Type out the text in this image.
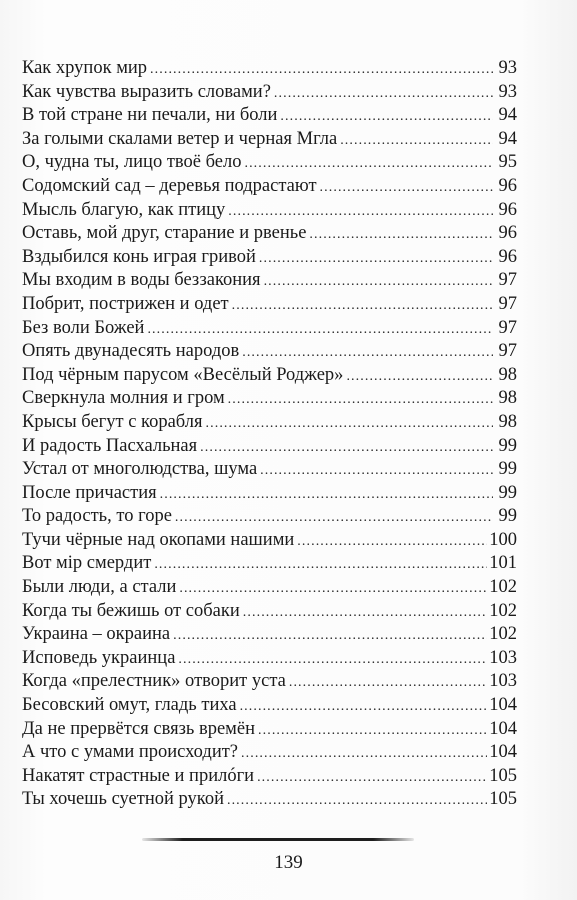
Как хрупок мир . . .	93
Как чувства выразить словами? . . .	93
В той стране ни печали, ни боли . . .	94
За голыми скалами ветер и черная Мгла . . .	94
О, чудна ты, лицо твоё бело . . .	95
Содомский сад – деревья подрастают . . .	96
Мысль благую, как птицу . . .	96
Оставь, мой друг, старание и рвенье . . .	96
Вздыбился конь играя гривой . . .	96
Мы входим в воды беззакония . . .	97
Побрит, пострижен и одет . . .	97
Без воли Божей . . .	97
Опять двунадесять народов . . .	97
Под чёрным парусом «Весёлый Роджер» . . .	98
Сверкнула молния и гром . . .	98
Крысы бегут с корабля . . .	98
И радость Пасхальная . . .	99
Устал от многолюдства, шума . . .	99
После причастия . . .	99
То радость, то горе . . .	99
Тучи чёрные над окопами нашими . . .	100
Вот мiр смердит . . .	101
Были люди, а стали . . .	102
Когда ты бежишь от собаки . . .	102
Украина – окраина . . .	102
Исповедь украинца . . .	103
Когда «прелестник» отворит уста . . .	103
Бесовский омут, гладь тиха . . .	104
Да не прервётся связь времён . . .	104
А что с умами происходит? . . .	104
Накатят страстные и прилóги . . .	105
Ты хочешь суетной рукой . . .	105
139
